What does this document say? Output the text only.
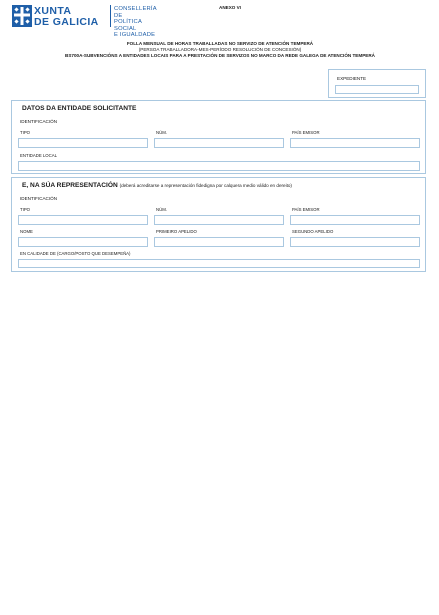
XUNTA
DE GALICIA
CONSELLERÍA DE
POLÍTICA SOCIAL
E IGUALDADE
ANEXO VI
FOLLA MENSUAL DE HORAS TRABALLADAS NO SERVIZO DE ATENCIÓN TEMPERÁ
(PERSOA TRABALLADORA-MES-PERÍODO RESOLUCIÓN DE CONCESIÓN)
BS700A-SUBVENCIÓNS A ENTIDADES LOCAIS PARA A PRESTACIÓN DE SERVIZOS NO MARCO DA REDE GALEGA DE ATENCIÓN TEMPERÁ
EXPEDIENTE
DATOS DA ENTIDADE SOLICITANTE
IDENTIFICACIÓN
TIPO	NÚM.	PAÍS EMISOR
ENTIDADE LOCAL
E, NA SÚA REPRESENTACIÓN (deberá acreditarse a representación fidedigna por calquera medio válido en dereito)
IDENTIFICACIÓN
TIPO	NÚM.	PAÍS EMISOR
NOME	PRIMEIRO APELIDO	SEGUNDO APELIDO
EN CALIDADE DE (CARGO/POSTO QUE DESEMPEÑA)
